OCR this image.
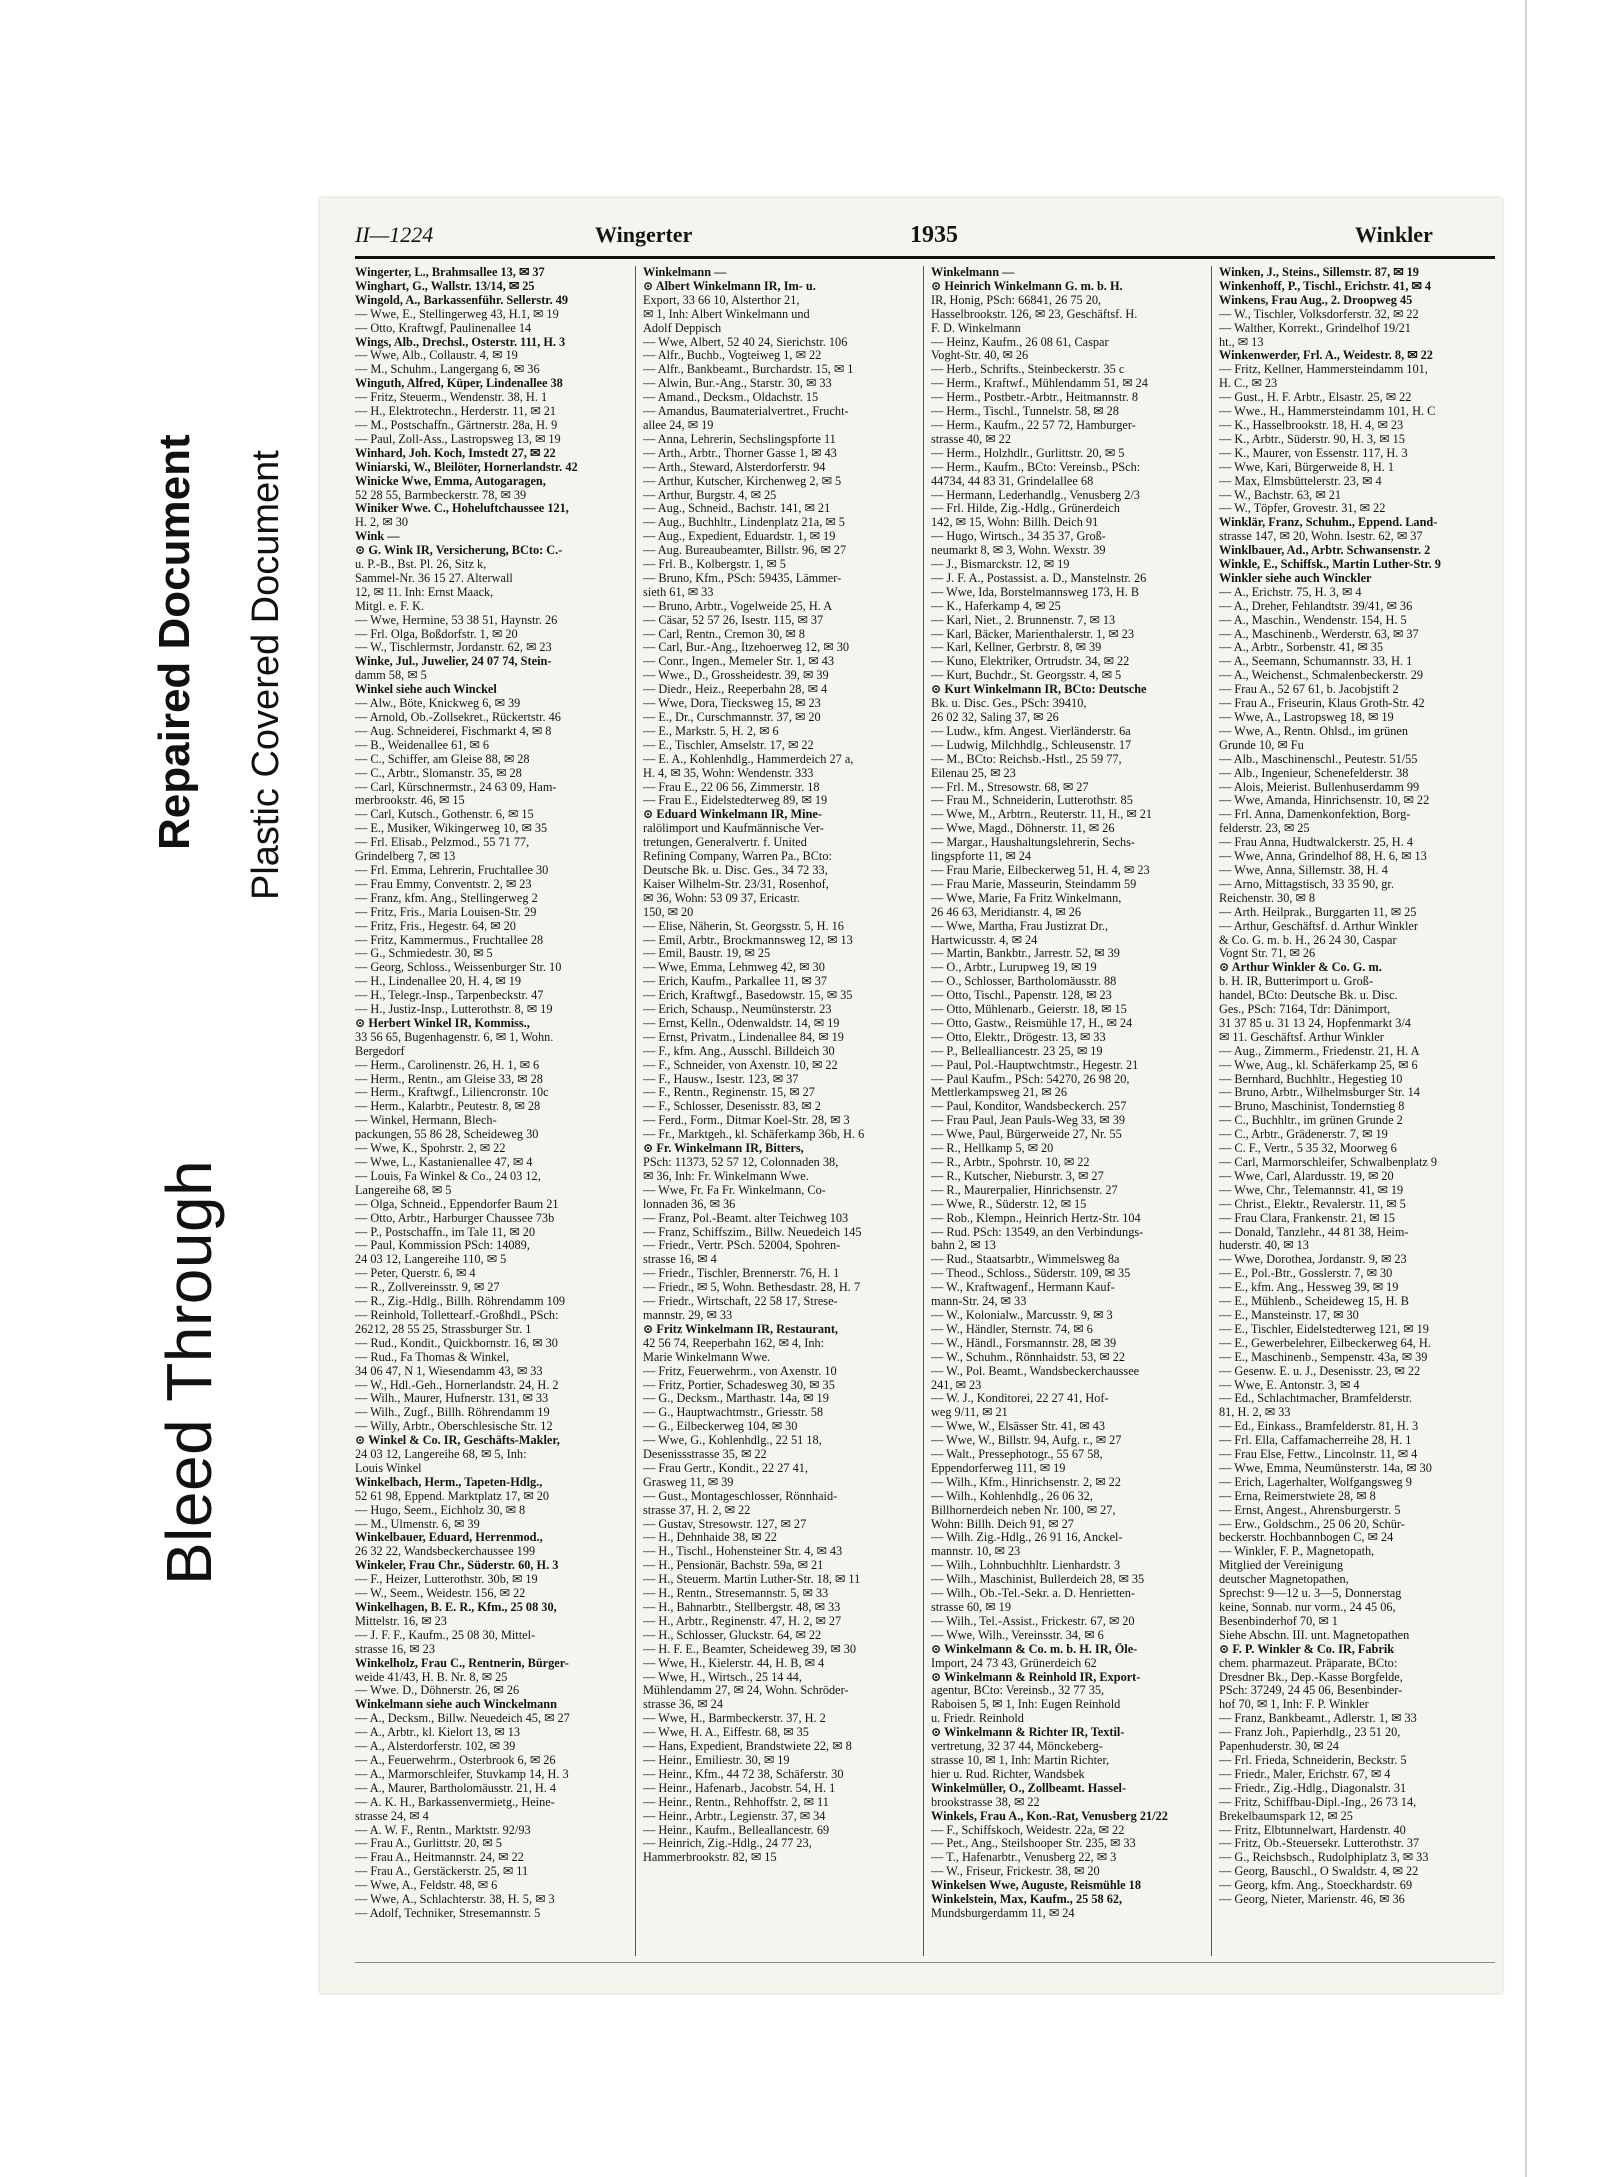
Bleed Through
Repaired Document Plastic Covered Document
II—1224	Wingerter	1935	Winkler
Wingerter, L., Brahmsallee 13, ✉ 37
Winghart, G., Wallstr. 13/14, ✉ 25
Wingold, A., Barkassenführ. Sellerstr. 49
— Wwe, E., Stellingerweg 43, H.1, ✉ 19
— Otto, Kraftwgf, Paulinenallee 14
Wings, Alb., Drechsl., Osterstr. 111, H. 3
— Wwe, Alb., Collaustr. 4, ✉ 19
— M., Schuhm., Langergang 6, ✉ 36
Winguth, Alfred, Küper, Lindenallee 38
— Fritz, Steuerm., Wendenstr. 38, H. 1
— H., Elektrotechn., Herderstr. 11, ✉ 21
— M., Postschaffn., Gärtnerstr. 28a, H. 9
— Paul, Zoll-Ass., Lastropsweg 13, ✉ 19
Winhard, Joh. Koch, Imstedt 27, ✉ 22
Winiarski, W., Bleilöter, Hornerlandstr. 42
Winicke Wwe, Emma, Autogaragen,
52 28 55, Barmbeckerstr. 78, ✉ 39
Winiker Wwe. C., Hoheluftchaussee 121,
H. 2, ✉ 30
Wink —
⊙ G. Wink IR, Versicherung, BCto: C.-
u. P.-B., Bst. Pl. 26, Sitz k,
Sammel-Nr. 36 15 27. Alterwall
12, ✉ 11. Inh: Ernst Maack,
Mitgl. e. F. K.
— Wwe, Hermine, 53 38 51, Haynstr. 26
— Frl. Olga, Boßdorfstr. 1, ✉ 20
— W., Tischlermstr, Jordanstr. 62, ✉ 23
Winke, Jul., Juwelier, 24 07 74, Stein-
damm 58, ✉ 5
Winkel siehe auch Winckel
— Alw., Böte, Knickweg 6, ✉ 39
— Arnold, Ob.-Zollsekret., Rückertstr. 46
— Aug. Schneiderei, Fischmarkt 4, ✉ 8
— B., Weidenallee 61, ✉ 6
— C., Schiffer, am Gleise 88, ✉ 28
— C., Arbtr., Slomanstr. 35, ✉ 28
— Carl, Kürschnermstr., 24 63 09, Ham-
merbrookstr. 46, ✉ 15
— Carl, Kutsch., Gothenstr. 6, ✉ 15
— E., Musiker, Wikingerweg 10, ✉ 35
— Frl. Elisab., Pelzmod., 55 71 77,
Grindelberg 7, ✉ 13
— Frl. Emma, Lehrerin, Fruchtallee 30
— Frau Emmy, Conventstr. 2, ✉ 23
— Franz, kfm. Ang., Stellingerweg 2
— Fritz, Fris., Maria Louisen-Str. 29
— Fritz, Fris., Hegestr. 64, ✉ 20
— Fritz, Kammermus., Fruchtallee 28
— G., Schmiedestr. 30, ✉ 5
— Georg, Schloss., Weissenburger Str. 10
— H., Lindenallee 20, H. 4, ✉ 19
— H., Telegr.-Insp., Tarpenbeckstr. 47
— H., Justiz-Insp., Lutterothstr. 8, ✉ 19
⊙ Herbert Winkel IR, Kommiss.,
33 56 65, Bugenhagenstr. 6, ✉ 1, Wohn.
Bergedorf
— Herm., Carolinenstr. 26, H. 1, ✉ 6
— Herm., Rentn., am Gleise 33, ✉ 28
— Herm., Kraftwgf., Liliencronstr. 10c
— Herm., Kalarbtr., Peutestr. 8, ✉ 28
— Winkel, Hermann, Blech-
packungen, 55 86 28, Scheideweg 30
— Wwe, K., Spohrstr. 2, ✉ 22
— Wwe, L., Kastanienallee 47, ✉ 4
— Louis, Fa Winkel & Co., 24 03 12,
Langereihe 68, ✉ 5
— Olga, Schneid., Eppendorfer Baum 21
— Otto, Arbtr., Harburger Chaussee 73b
— P., Postschaffn., im Tale 11, ✉ 20
— Paul, Kommission PSch: 14089,
24 03 12, Langereihe 110, ✉ 5
— Peter, Querstr. 6, ✉ 4
— R., Zollvereinsstr. 9, ✉ 27
— R., Zig.-Hdlg., Billh. Röhrendamm 109
— Reinhold, Tollettearf.-Großhdl., PSch:
26212, 28 55 25, Strassburger Str. 1
— Rud., Kondit., Quickbornstr. 16, ✉ 30
— Rud., Fa Thomas & Winkel,
34 06 47, N 1, Wiesendamm 43, ✉ 33
— W., Hdl.-Geh., Hornerlandstr. 24, H. 2
— Wilh., Maurer, Hufnerstr. 131, ✉ 33
— Wilh., Zugf., Billh. Röhrendamm 19
— Willy, Arbtr., Oberschlesische Str. 12
⊙ Winkel & Co. IR, Geschäfts-Makler,
24 03 12, Langereihe 68, ✉ 5, Inh:
Louis Winkel
Winkelbach, Herm., Tapeten-Hdlg.,
52 61 98, Eppend. Marktplatz 17, ✉ 20
— Hugo, Seem., Eichholz 30, ✉ 8
— M., Ulmenstr. 6, ✉ 39
Winkelbauer, Eduard, Herrenmod.,
26 32 22, Wandsbeckerchaussee 199
Winkeler, Frau Chr., Süderstr. 60, H. 3
— F., Heizer, Lutterothstr. 30b, ✉ 19
— W., Seem., Weidestr. 156, ✉ 22
Winkelhagen, B. E. R., Kfm., 25 08 30,
Mittelstr. 16, ✉ 23
— J. F. F., Kaufm., 25 08 30, Mittel-
strasse 16, ✉ 23
Winkelholz, Frau C., Rentnerin, Bürger-
weide 41/43, H. B. Nr. 8, ✉ 25
— Wwe. D., Döhnerstr. 26, ✉ 26
Winkelmann siehe auch Winckelmann
— A., Decksm., Billw. Neuedeich 45, ✉ 27
— A., Arbtr., kl. Kielort 13, ✉ 13
— A., Alsterdorferstr. 102, ✉ 39
— A., Feuerwehrm., Osterbrook 6, ✉ 26
— A., Marmorschleifer, Stuvkamp 14, H. 3
— A., Maurer, Bartholomäusstr. 21, H. 4
— A. K. H., Barkassenvermietg., Heine-
strasse 24, ✉ 4
— A. W. F., Rentn., Marktstr. 92/93
— Frau A., Gurlittstr. 20, ✉ 5
— Frau A., Heitmannstr. 24, ✉ 22
— Frau A., Gerstäckerstr. 25, ✉ 11
— Wwe, A., Feldstr. 48, ✉ 6
— Wwe, A., Schlachterstr. 38, H. 5, ✉ 3
— Adolf, Techniker, Stresemannstr. 5
Winkelmann —
⊙ Albert Winkelmann IR, Im- u.
Export, 33 66 10, Alsterthor 21,
✉ 1, Inh: Albert Winkelmann und
Adolf Deppisch
— Wwe, Albert, 52 40 24, Sierichstr. 106
— Alfr., Buchb., Vogteiweg 1, ✉ 22
— Alfr., Bankbeamt., Burchardstr. 15, ✉ 1
— Alwin, Bur.-Ang., Starstr. 30, ✉ 33
— Amand., Decksm., Oldachstr. 15
— Amandus, Baumaterialvertret., Frucht-
allee 24, ✉ 19
— Anna, Lehrerin, Sechslingspforte 11
— Arth., Arbtr., Thorner Gasse 1, ✉ 43
— Arth., Steward, Alsterdorferstr. 94
— Arthur, Kutscher, Kirchenweg 2, ✉ 5
— Arthur, Burgstr. 4, ✉ 25
— Aug., Schneid., Bachstr. 141, ✉ 21
— Aug., Buchhltr., Lindenplatz 21a, ✉ 5
— Aug., Expedient, Eduardstr. 1, ✉ 19
— Aug. Bureaubeamter, Billstr. 96, ✉ 27
— Frl. B., Kolbergstr. 1, ✉ 5
— Bruno, Kfm., PSch: 59435, Lämmer-
sieth 61, ✉ 33
— Bruno, Arbtr., Vogelweide 25, H. A
— Cäsar, 52 57 26, Isestr. 115, ✉ 37
— Carl, Rentn., Cremon 30, ✉ 8
— Carl, Bur.-Ang., Itzehoerweg 12, ✉ 30
— Conr., Ingen., Memeler Str. 1, ✉ 43
— Wwe., D., Grossheidestr. 39, ✉ 39
— Diedr., Heiz., Reeperbahn 28, ✉ 4
— Wwe, Dora, Tiecksweg 15, ✉ 23
— E., Dr., Curschmannstr. 37, ✉ 20
— E., Markstr. 5, H. 2, ✉ 6
— E., Tischler, Amselstr. 17, ✉ 22
— E. A., Kohlenhdlg., Hammerdeich 27 a,
H. 4, ✉ 35, Wohn: Wendenstr. 333
— Frau E., 22 06 56, Zimmerstr. 18
— Frau E., Eidelstedterweg 89, ✉ 19
⊙ Eduard Winkelmann IR, Mine-
ralölimport und Kaufmännische Ver-
tretungen, Generalvertr. f. United
Refining Company, Warren Pa., BCto:
Deutsche Bk. u. Disc. Ges., 34 72 33,
Kaiser Wilhelm-Str. 23/31, Rosenhof,
✉ 36, Wohn: 53 09 37, Ericastr.
150, ✉ 20
— Elise, Näherin, St. Georgsstr. 5, H. 16
— Emil, Arbtr., Brockmannsweg 12, ✉ 13
— Emil, Baustr. 19, ✉ 25
— Wwe, Emma, Lehmweg 42, ✉ 30
— Erich, Kaufm., Parkallee 11, ✉ 37
— Erich, Kraftwgf., Basedowstr. 15, ✉ 35
— Erich, Schausp., Neumünsterstr. 23
— Ernst, Kelln., Odenwaldstr. 14, ✉ 19
— Ernst, Privatm., Lindenallee 84, ✉ 19
— F., kfm. Ang., Ausschl. Billdeich 30
— F., Schneider, von Axenstr. 10, ✉ 22
— F., Hausw., Isestr. 123, ✉ 37
— F., Rentn., Reginenstr. 15, ✉ 27
— F., Schlosser, Desenisstr. 83, ✉ 2
— Ferd., Form., Ditmar Koel-Str. 28, ✉ 3
— Fr., Marktgeh., kl. Schäferkamp 36b, H. 6
⊙ Fr. Winkelmann IR, Bitters,
PSch: 11373, 52 57 12, Colonnaden 38,
✉ 36, Inh: Fr. Winkelmann Wwe.
— Wwe, Fr. Fa Fr. Winkelmann, Co-
lonnaden 36, ✉ 36
— Franz, Pol.-Beamt. alter Teichweg 103
— Franz, Schiffszim., Billw. Neuedeich 145
— Friedr., Vertr. PSch. 52004, Spohren-
strasse 16, ✉ 4
— Friedr., Tischler, Brennerstr. 76, H. 1
— Friedr., ✉ 5, Wohn. Bethesdastr. 28, H. 7
— Friedr., Wirtschaft, 22 58 17, Strese-
mannstr. 29, ✉ 33
⊙ Fritz Winkelmann IR, Restaurant,
42 56 74, Reeperbahn 162, ✉ 4, Inh:
Marie Winkelmann Wwe.
— Fritz, Feuerwehrm., von Axenstr. 10
— Fritz, Portier, Schadesweg 30, ✉ 35
— G., Decksm., Marthastr. 14a, ✉ 19
— G., Hauptwachtmstr., Griesstr. 58
— G., Eilbeckerweg 104, ✉ 30
— Wwe, G., Kohlenhdlg., 22 51 18,
Desenissstrasse 35, ✉ 22
— Frau Gertr., Kondit., 22 27 41,
Grasweg 11, ✉ 39
— Gust., Montageschlosser, Rönnhaid-
strasse 37, H. 2, ✉ 22
— Gustav, Stresowstr. 127, ✉ 27
— H., Dehnhaide 38, ✉ 22
— H., Tischl., Hohensteiner Str. 4, ✉ 43
— H., Pensionär, Bachstr. 59a, ✉ 21
— H., Steuerm. Martin Luther-Str. 18, ✉ 11
— H., Rentn., Stresemannstr. 5, ✉ 33
— H., Bahnarbtr., Stellbergstr. 48, ✉ 33
— H., Arbtr., Reginenstr. 47, H. 2, ✉ 27
— H., Schlosser, Gluckstr. 64, ✉ 22
— H. F. E., Beamter, Scheideweg 39, ✉ 30
— Wwe, H., Kielerstr. 44, H. B, ✉ 4
— Wwe, H., Wirtsch., 25 14 44,
Mühlendamm 27, ✉ 24, Wohn. Schröder-
strasse 36, ✉ 24
— Wwe, H., Barmbeckerstr. 37, H. 2
— Wwe, H. A., Eiffestr. 68, ✉ 35
— Hans, Expedient, Brandstwiete 22, ✉ 8
— Heinr., Emiliestr. 30, ✉ 19
— Heinr., Kfm., 44 72 38, Schäferstr. 30
— Heinr., Hafenarb., Jacobstr. 54, H. 1
— Heinr., Rentn., Rehhoffstr. 2, ✉ 11
— Heinr., Arbtr., Legienstr. 37, ✉ 34
— Heinr., Kaufm., Belleallancestr. 69
— Heinrich, Zig.-Hdlg., 24 77 23,
Hammerbrookstr. 82, ✉ 15
Winkelmann —
⊙ Heinrich Winkelmann G. m. b. H.
IR, Honig, PSch: 66841, 26 75 20,
Hasselbrookstr. 126, ✉ 23, Geschäftsf. H.
F. D. Winkelmann
— Heinz, Kaufm., 26 08 61, Caspar
Voght-Str. 40, ✉ 26
— Herb., Schrifts., Steinbeckerstr. 35 c
— Herm., Kraftwf., Mühlendamm 51, ✉ 24
— Herm., Postbetr.-Arbtr., Heitmannstr. 8
— Herm., Tischl., Tunnelstr. 58, ✉ 28
— Herm., Kaufm., 22 57 72, Hamburger-
strasse 40, ✉ 22
— Herm., Holzhdlr., Gurlittstr. 20, ✉ 5
— Herm., Kaufm., BCto: Vereinsb., PSch:
44734, 44 83 31, Grindelallee 68
— Hermann, Lederhandlg., Venusberg 2/3
— Frl. Hilde, Zig.-Hdlg., Grünerdeich
142, ✉ 15, Wohn: Billh. Deich 91
— Hugo, Wirtsch., 34 35 37, Groß-
neumarkt 8, ✉ 3, Wohn. Wexstr. 39
— J., Bismarckstr. 12, ✉ 19
— J. F. A., Postassist. a. D., Manstelnstr. 26
— Wwe, Ida, Borstelmannsweg 173, H. B
— K., Haferkamp 4, ✉ 25
— Karl, Niet., 2. Brunnenstr. 7, ✉ 13
— Karl, Bäcker, Marienthalerstr. 1, ✉ 23
— Karl, Kellner, Gerbrstr. 8, ✉ 39
— Kuno, Elektriker, Ortrudstr. 34, ✉ 22
— Kurt, Buchdr., St. Georgsstr. 4, ✉ 5
⊙ Kurt Winkelmann IR, BCto: Deutsche
Bk. u. Disc. Ges., PSch: 39410,
26 02 32, Saling 37, ✉ 26
— Ludw., kfm. Angest. Vierländerstr. 6a
— Ludwig, Milchhdlg., Schleusenstr. 17
— M., BCto: Reichsb.-Hstl., 25 59 77,
Eilenau 25, ✉ 23
— Frl. M., Stresowstr. 68, ✉ 27
— Frau M., Schneiderin, Lutterothstr. 85
— Wwe, M., Arbtrn., Reuterstr. 11, H., ✉ 21
— Wwe, Magd., Döhnerstr. 11, ✉ 26
— Margar., Haushaltungslehrerin, Sechs-
lingspforte 11, ✉ 24
— Frau Marie, Eilbeckerweg 51, H. 4, ✉ 23
— Frau Marie, Masseurin, Steindamm 59
— Wwe, Marie, Fa Fritz Winkelmann,
26 46 63, Meridianstr. 4, ✉ 26
— Wwe, Martha, Frau Justizrat Dr.,
Hartwicusstr. 4, ✉ 24
— Martin, Bankbtr., Jarrestr. 52, ✉ 39
— O., Arbtr., Lurupweg 19, ✉ 19
— O., Schlosser, Bartholomäusstr. 88
— Otto, Tischl., Papenstr. 128, ✉ 23
— Otto, Mühlenarb., Geierstr. 18, ✉ 15
— Otto, Gastw., Reismühle 17, H., ✉ 24
— Otto, Elektr., Drögestr. 13, ✉ 33
— P., Bellealliancestr. 23 25, ✉ 19
— Paul, Pol.-Hauptwchtmstr., Hegestr. 21
— Paul Kaufm., PSch: 54270, 26 98 20,
Mettlerkampsweg 21, ✉ 26
— Paul, Konditor, Wandsbeckerch. 257
— Frau Paul, Jean Pauls-Weg 33, ✉ 39
— Wwe, Paul, Bürgerweide 27, Nr. 55
— R., Hellkamp 5, ✉ 20
— R., Arbtr., Spohrstr. 10, ✉ 22
— R., Kutscher, Nieburstr. 3, ✉ 27
— R., Maurerpalier, Hinrichsenstr. 27
— Wwe, R., Süderstr. 12, ✉ 15
— Rob., Klempn., Heinrich Hertz-Str. 104
— Rud. PSch: 13549, an den Verbindungs-
bahn 2, ✉ 13
— Rud., Staatsarbtr., Wimmelsweg 8a
— Theod., Schloss., Süderstr. 109, ✉ 35
— W., Kraftwagenf., Hermann Kauf-
mann-Str. 24, ✉ 33
— W., Kolonialw., Marcusstr. 9, ✉ 3
— W., Händler, Sternstr. 74, ✉ 6
— W., Händl., Forsmannstr. 28, ✉ 39
— W., Schuhm., Rönnhaidstr. 53, ✉ 22
— W., Pol. Beamt., Wandsbeckerchaussee
241, ✉ 23
— W. J., Konditorei, 22 27 41, Hof-
weg 9/11, ✉ 21
— Wwe, W., Elsässer Str. 41, ✉ 43
— Wwe, W., Billstr. 94, Aufg. r., ✉ 27
— Walt., Pressephotogr., 55 67 58,
Eppendorferweg 111, ✉ 19
— Wilh., Kfm., Hinrichsenstr. 2, ✉ 22
— Wilh., Kohlenhdlg., 26 06 32,
Billhornerdeich neben Nr. 100, ✉ 27,
Wohn: Billh. Deich 91, ✉ 27
— Wilh. Zig.-Hdlg., 26 91 16, Anckel-
mannstr. 10, ✉ 23
— Wilh., Lohnbuchhltr. Lienhardstr. 3
— Wilh., Maschinist, Bullerdeich 28, ✉ 35
— Wilh., Ob.-Tel.-Sekr. a. D. Henrietten-
strasse 60, ✉ 19
— Wilh., Tel.-Assist., Frickestr. 67, ✉ 20
— Wwe, Wilh., Vereinsstr. 34, ✉ 6
⊙ Winkelmann & Co. m. b. H. IR, Öle-
Import, 24 73 43, Grünerdeich 62
⊙ Winkelmann & Reinhold IR, Export-
agentur, BCto: Vereinsb., 32 77 35,
Raboisen 5, ✉ 1, Inh: Eugen Reinhold
u. Friedr. Reinhold
⊙ Winkelmann & Richter IR, Textil-
vertretung, 32 37 44, Mönckeberg-
strasse 10, ✉ 1, Inh: Martin Richter,
hier u. Rud. Richter, Wandsbek
Winkelmüller, O., Zollbeamt. Hassel-
brookstrasse 38, ✉ 22
Winkels, Frau A., Kon.-Rat, Venusberg 21/22
— F., Schiffskoch, Weidestr. 22a, ✉ 22
— Pet., Ang., Steilshooper Str. 235, ✉ 33
— T., Hafenarbtr., Venusberg 22, ✉ 3
— W., Friseur, Frickestr. 38, ✉ 20
Winkelsen Wwe, Auguste, Reismühle 18
Winkelstein, Max, Kaufm., 25 58 62,
Mundsburgerdamm 11, ✉ 24
Winken, J., Steins., Sillemstr. 87, ✉ 19
Winkenhoff, P., Tischl., Erichstr. 41, ✉ 4
Winkens, Frau Aug., 2. Droopweg 45
— W., Tischler, Volksdorferstr. 32, ✉ 22
— Walther, Korrekt., Grindelhof 19/21
ht., ✉ 13
Winkenwerder, Frl. A., Weidestr. 8, ✉ 22
— Fritz, Kellner, Hammersteindamm 101,
H. C., ✉ 23
— Gust., H. F. Arbtr., Elsastr. 25, ✉ 22
— Wwe., H., Hammersteindamm 101, H. C
— K., Hasselbrookstr. 18, H. 4, ✉ 23
— K., Arbtr., Süderstr. 90, H. 3, ✉ 15
— K., Maurer, von Essenstr. 117, H. 3
— Wwe, Kari, Bürgerweide 8, H. 1
— Max, Elmsbüttelerstr. 23, ✉ 4
— W., Bachstr. 63, ✉ 21
— W., Töpfer, Grovestr. 31, ✉ 22
Winklär, Franz, Schuhm., Eppend. Land-
strasse 147, ✉ 20, Wohn. Isestr. 62, ✉ 37
Winklbauer, Ad., Arbtr. Schwansenstr. 2
Winkle, E., Schiffsk., Martin Luther-Str. 9
Winkler siehe auch Winckler
— A., Erichstr. 75, H. 3, ✉ 4
— A., Dreher, Fehlandtstr. 39/41, ✉ 36
— A., Maschin., Wendenstr. 154, H. 5
— A., Maschinenb., Werderstr. 63, ✉ 37
— A., Arbtr., Sorbenstr. 41, ✉ 35
— A., Seemann, Schumannstr. 33, H. 1
— A., Weichenst., Schmalenbeckerstr. 29
— Frau A., 52 67 61, b. Jacobjstift 2
— Frau A., Friseurin, Klaus Groth-Str. 42
— Wwe, A., Lastropsweg 18, ✉ 19
— Wwe, A., Rentn. Ohlsd., im grünen
Grunde 10, ✉ Fu
— Alb., Maschinenschl., Peutestr. 51/55
— Alb., Ingenieur, Schenefelderstr. 38
— Alois, Meierist. Bullenhuserdamm 99
— Wwe, Amanda, Hinrichsenstr. 10, ✉ 22
— Frl. Anna, Damenkonfektion, Borg-
felderstr. 23, ✉ 25
— Frau Anna, Hudtwalckerstr. 25, H. 4
— Wwe, Anna, Grindelhof 88, H. 6, ✉ 13
— Wwe, Anna, Sillemstr. 38, H. 4
— Arno, Mittagstisch, 33 35 90, gr.
Reichenstr. 30, ✉ 8
— Arth. Heilprak., Burggarten 11, ✉ 25
— Arthur, Geschäftsf. d. Arthur Winkler
& Co. G. m. b. H., 26 24 30, Caspar
Vognt Str. 71, ✉ 26
⊙ Arthur Winkler & Co. G. m.
b. H. IR, Butterimport u. Groß-
handel, BCto: Deutsche Bk. u. Disc.
Ges., PSch: 7164, Tdr: Dänimport,
31 37 85 u. 31 13 24, Hopfenmarkt 3/4
✉ 11. Geschäftsf. Arthur Winkler
— Aug., Zimmerm., Friedenstr. 21, H. A
— Wwe, Aug., kl. Schäferkamp 25, ✉ 6
— Bernhard, Buchhltr., Hegestieg 10
— Bruno, Arbtr., Wilhelmsburger Str. 14
— Bruno, Maschinist, Tondernstieg 8
— C., Buchhltr., im grünen Grunde 2
— C., Arbtr., Grädenerstr. 7, ✉ 19
— C. F., Vertr., 5 35 32, Moorweg 6
— Carl, Marmorschleifer, Schwalbenplatz 9
— Wwe, Carl, Alardusstr. 19, ✉ 20
— Wwe, Chr., Telemannstr. 41, ✉ 19
— Christ., Elektr., Revalerstr. 11, ✉ 5
— Frau Clara, Frankenstr. 21, ✉ 15
— Donald, Tanzlehr., 44 81 38, Heim-
huderstr. 40, ✉ 13
— Wwe, Dorothea, Jordanstr. 9, ✉ 23
— E., Pol.-Btr., Gosslerstr. 7, ✉ 30
— E., kfm. Ang., Hessweg 39, ✉ 19
— E., Mühlenb., Scheideweg 15, H. B
— E., Mansteinstr. 17, ✉ 30
— E., Tischler, Eidelstedterweg 121, ✉ 19
— E., Gewerbelehrer, Eilbeckerweg 64, H.
— E., Maschinenb., Sempenstr. 43a, ✉ 39
— Gesenw. E. u. J., Desenisstr. 23, ✉ 22
— Wwe, E. Antonstr. 3, ✉ 4
— Ed., Schlachtmacher, Bramfelderstr.
81, H. 2, ✉ 33
— Ed., Einkass., Bramfelderstr. 81, H. 3
— Frl. Ella, Caffamacherreihe 28, H. 1
— Frau Else, Fettw., Lincolnstr. 11, ✉ 4
— Wwe, Emma, Neumünsterstr. 14a, ✉ 30
— Erich, Lagerhalter, Wolfgangsweg 9
— Erna, Reimerstwiete 28, ✉ 8
— Ernst, Angest., Ahrensburgerstr. 5
— Erw., Goldschm., 25 06 20, Schür-
beckerstr. Hochbannbogen C, ✉ 24
— Winkler, F. P., Magnetopath,
Mitglied der Vereinigung
deutscher Magnetopathen,
Sprechst: 9—12 u. 3—5, Donnerstag
keine, Sonnab. nur vorm., 24 45 06,
Besenbinderhof 70, ✉ 1
Siehe Abschn. III. unt. Magnetopathen
⊙ F. P. Winkler & Co. IR, Fabrik
chem. pharmazeut. Präparate, BCto:
Dresdner Bk., Dep.-Kasse Borgfelde,
PSch: 37249, 24 45 06, Besenbinder-
hof 70, ✉ 1, Inh: F. P. Winkler
— Franz, Bankbeamt., Adlerstr. 1, ✉ 33
— Franz Joh., Papierhdlg., 23 51 20,
Papenhuderstr. 30, ✉ 24
— Frl. Frieda, Schneiderin, Beckstr. 5
— Friedr., Maler, Erichstr. 67, ✉ 4
— Friedr., Zig.-Hdlg., Diagonalstr. 31
— Fritz, Schiffbau-Dipl.-Ing., 26 73 14,
Brekelbaumspark 12, ✉ 25
— Fritz, Elbtunnelwart, Hardenstr. 40
— Fritz, Ob.-Steuersekr. Lutterothstr. 37
— G., Reichsbsch., Rudolphiplatz 3, ✉ 33
— Georg, Bauschl., O Swaldstr. 4, ✉ 22
— Georg, kfm. Ang., Stoeckhardstr. 69
— Georg, Nieter, Marienstr. 46, ✉ 36
